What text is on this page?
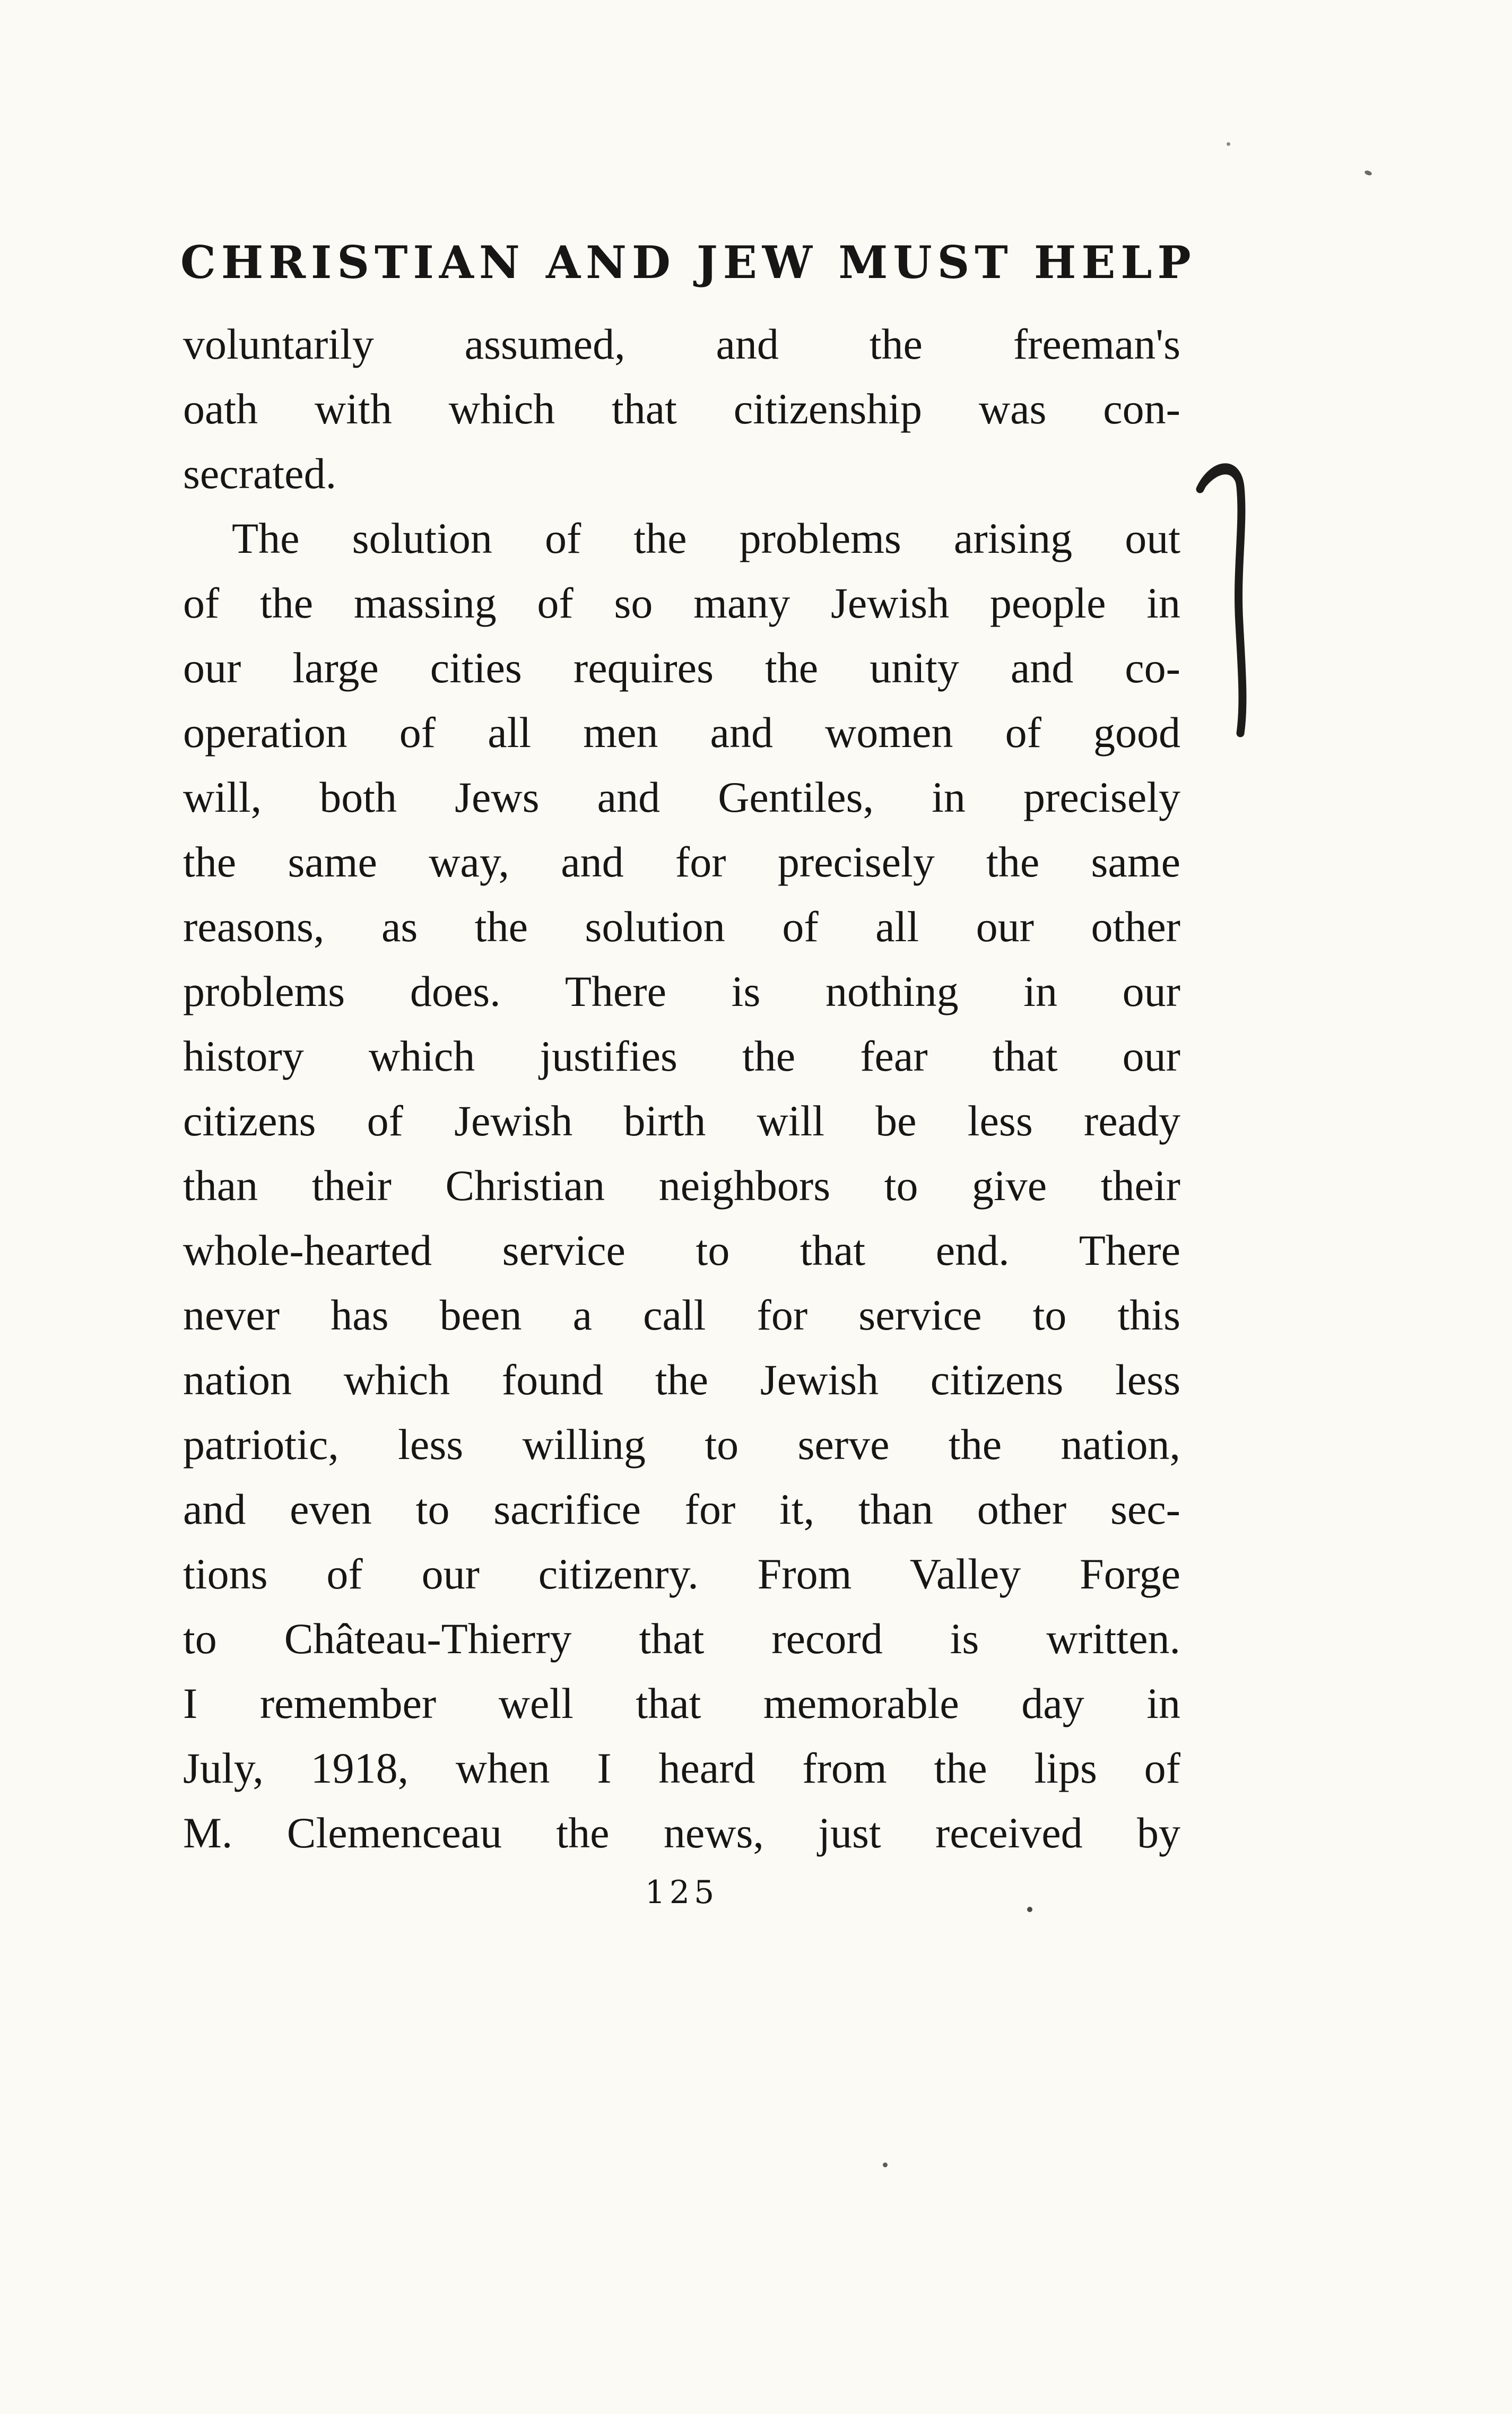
CHRISTIAN AND JEW MUST HELP
voluntarily assumed, and the freeman's
oath with which that citizenship was con-
secrated.
The solution of the problems arising out
of the massing of so many Jewish people in
our large cities requires the unity and co-
operation of all men and women of good
will, both Jews and Gentiles, in precisely
the same way, and for precisely the same
reasons, as the solution of all our other
problems does. There is nothing in our
history which justifies the fear that our
citizens of Jewish birth will be less ready
than their Christian neighbors to give their
whole-hearted service to that end. There
never has been a call for service to this
nation which found the Jewish citizens less
patriotic, less willing to serve the nation,
and even to sacrifice for it, than other sec-
tions of our citizenry. From Valley Forge
to Château-Thierry that record is written.
I remember well that memorable day in
July, 1918, when I heard from the lips of
M. Clemenceau the news, just received by
125
